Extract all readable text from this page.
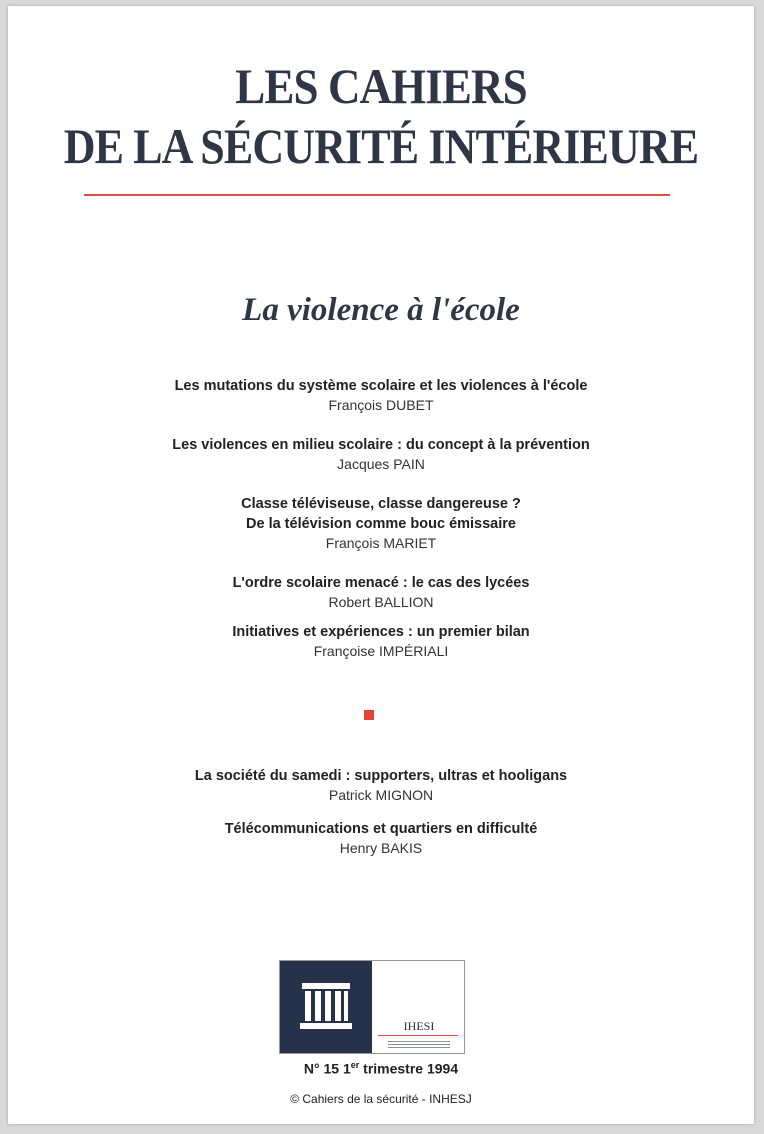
LES CAHIERS
DE LA SÉCURITÉ INTÉRIEURE
La violence à l'école
Les mutations du système scolaire et les violences à l'école
François DUBET
Les violences en milieu scolaire : du concept à la prévention
Jacques PAIN
Classe téléviseuse, classe dangereuse ?
De la télévision comme bouc émissaire
François MARIET
L'ordre scolaire menacé : le cas des lycées
Robert BALLION
Initiatives et expériences : un premier bilan
Françoise IMPÉRIALI
La société du samedi : supporters, ultras et hooligans
Patrick MIGNON
Télécommunications et quartiers en difficulté
Henry BAKIS
IHESI
N° 15 1er trimestre 1994
© Cahiers de la sécurité - INHESJ
